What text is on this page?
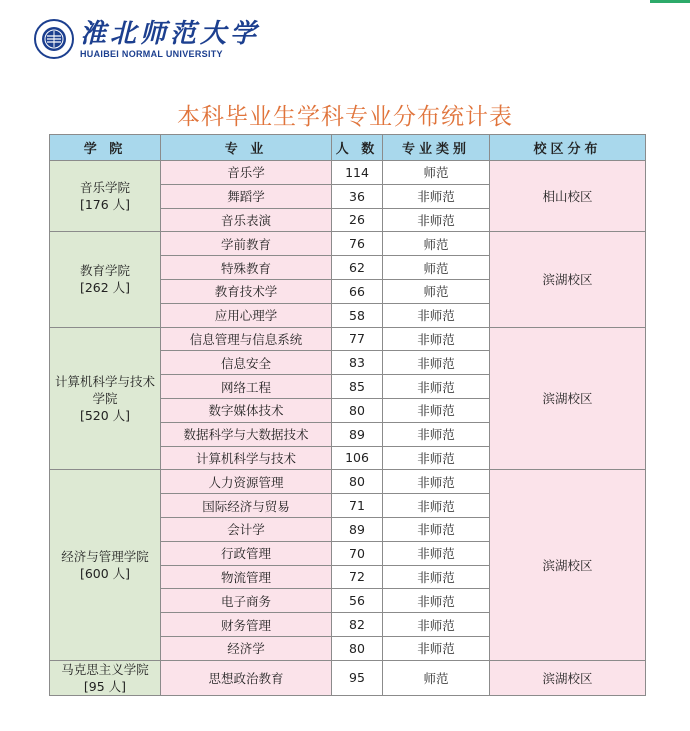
淮北师范大学
HUAIBEI NORMAL UNIVERSITY
本科毕业生学科专业分布统计表
学 院	专 业	人 数	专业类别	校区分布

音乐学院
[176 人]	音乐学	114	师范	相山校区
	舞蹈学	36	非师范	
	音乐表演	26	非师范	

教育学院
[262 人]	学前教育	76	师范	滨湖校区
	特殊教育	62	师范	
	教育技术学	66	师范	
	应用心理学	58	非师范	

计算机科学与技术学院
[520 人]	信息管理与信息系统	77	非师范	滨湖校区
	信息安全	83	非师范	
	网络工程	85	非师范	
	数字媒体技术	80	非师范	
	数据科学与大数据技术	89	非师范	
	计算机科学与技术	106	非师范	

经济与管理学院
[600 人]	人力资源管理	80	非师范	滨湖校区
	国际经济与贸易	71	非师范	
	会计学	89	非师范	
	行政管理	70	非师范	
	物流管理	72	非师范	
	电子商务	56	非师范	
	财务管理	82	非师范	
	经济学	80	非师范	

马克思主义学院
[95 人]	思想政治教育	95	师范	滨湖校区
